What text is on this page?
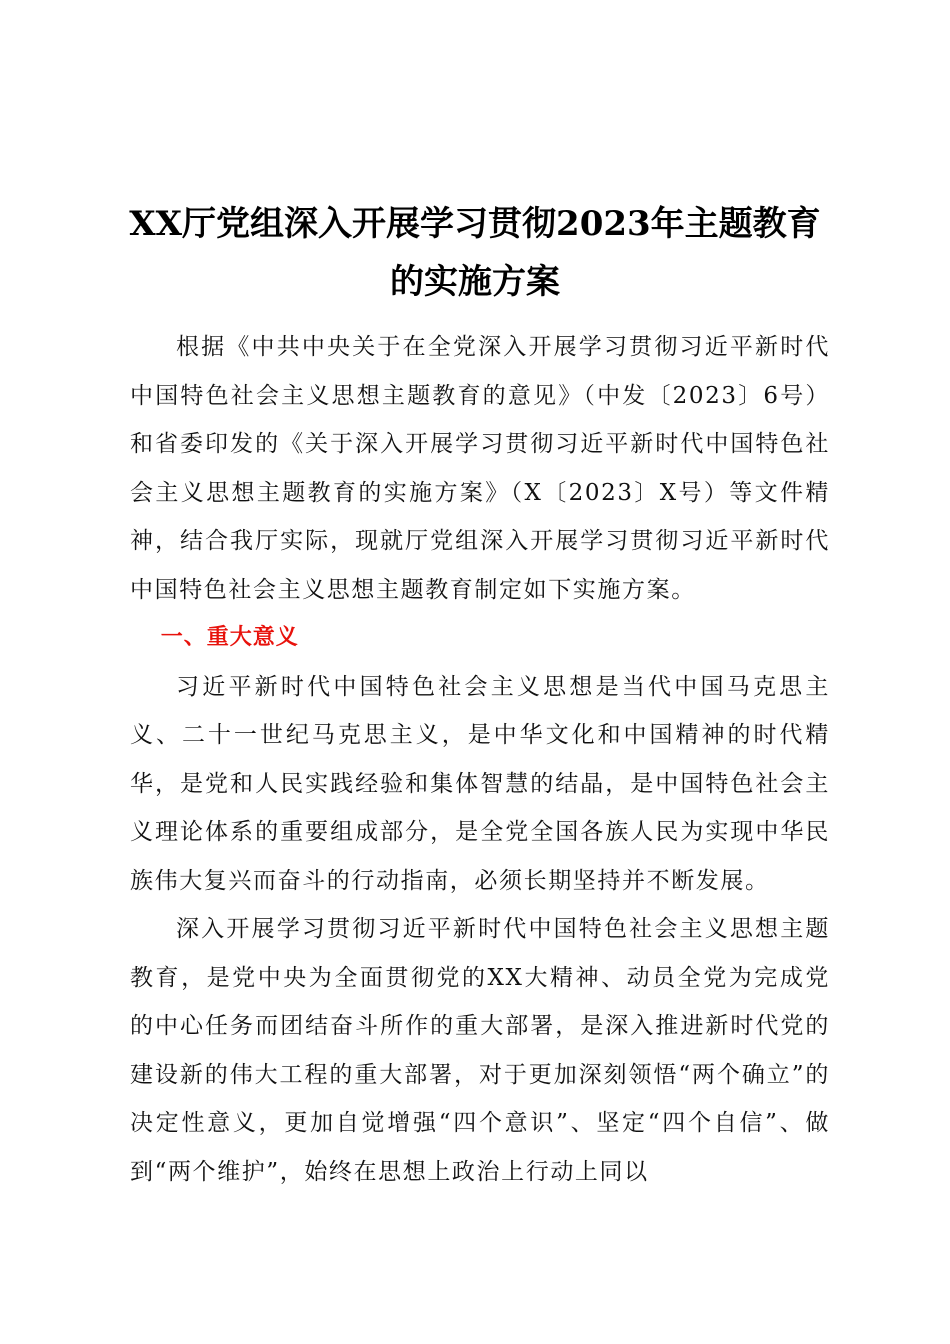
XX厅党组深入开展学习贯彻2023年主题教育
的实施方案

根据《中共中央关于在全党深入开展学习贯彻习近平新时代中国特色社会主义思想主题教育的意见》（中发〔2023〕6号）和省委印发的《关于深入开展学习贯彻习近平新时代中国特色社会主义思想主题教育的实施方案》（X〔2023〕X号）等文件精神，结合我厅实际，现就厅党组深入开展学习贯彻习近平新时代中国特色社会主义思想主题教育制定如下实施方案。

一、重大意义

习近平新时代中国特色社会主义思想是当代中国马克思主义、二十一世纪马克思主义，是中华文化和中国精神的时代精华，是党和人民实践经验和集体智慧的结晶，是中国特色社会主义理论体系的重要组成部分，是全党全国各族人民为实现中华民族伟大复兴而奋斗的行动指南，必须长期坚持并不断发展。

深入开展学习贯彻习近平新时代中国特色社会主义思想主题教育，是党中央为全面贯彻党的XX大精神、动员全党为完成党的中心任务而团结奋斗所作的重大部署，是深入推进新时代党的建设新的伟大工程的重大部署，对于更加深刻领悟“两个确立”的决定性意义，更加自觉增强“四个意识”、坚定“四个自信”、做到“两个维护”，始终在思想上政治上行动上同以
